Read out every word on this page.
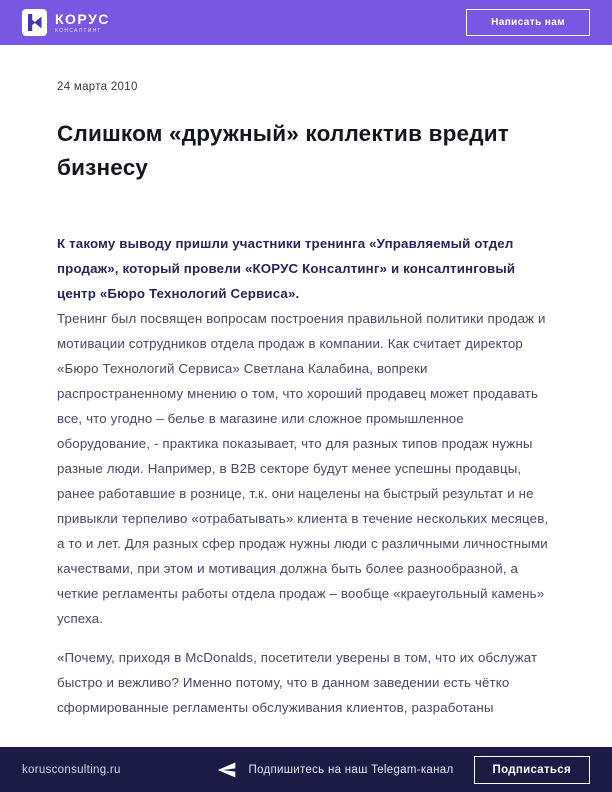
КОРУС
КОНСАЛТИНГ
Написать нам
24 марта 2010
Слишком «дружный» коллектив вредит бизнесу

К такому выводу пришли участники тренинга «Управляемый отдел продаж», который провели «КОРУС Консалтинг» и консалтинговый центр «Бюро Технологий Сервиса».

Тренинг был посвящен вопросам построения правильной политики продаж и мотивации сотрудников отдела продаж в компании. Как считает директор «Бюро Технологий Сервиса» Светлана Калабина, вопреки распространенному мнению о том, что хороший продавец может продавать все, что угодно – белье в магазине или сложное промышленное оборудование, - практика показывает, что для разных типов продаж нужны разные люди. Например, в B2B секторе будут менее успешны продавцы, ранее работавшие в рознице, т.к. они нацелены на быстрый результат и не привыкли терпеливо «отрабатывать» клиента в течение нескольких месяцев, а то и лет. Для разных сфер продаж нужны люди с различными личностными качествами, при этом и мотивация должна быть более разнообразной, а четкие регламенты работы отдела продаж – вообще «краеугольный камень» успеха.

«Почему, приходя в McDonalds, посетители уверены в том, что их обслужат быстро и вежливо? Именно потому, что в данном заведении есть чётко сформированные регламенты обслуживания клиентов, разработаны

korusconsulting.ru	Подпишитесь на наш Telegam-канал	Подписаться
